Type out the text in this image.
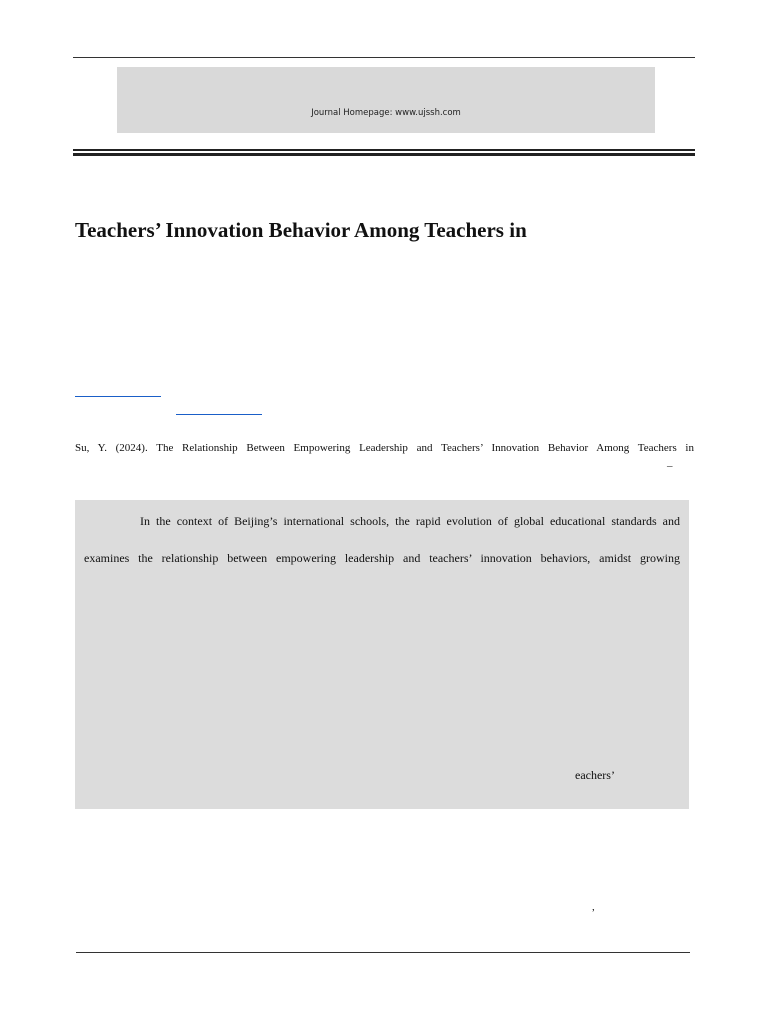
Journal Homepage: www.ujssh.com
Teachers’ Innovation Behavior Among Teachers in
Su, Y. (2024). The Relationship Between Empowering Leadership and Teachers’ Innovation Behavior Among Teachers in
–
In the context of Beijing’s international schools, the rapid evolution of global educational standards and
examines the relationship between empowering leadership and teachers’ innovation behaviors, amidst growing
eachers’
,
